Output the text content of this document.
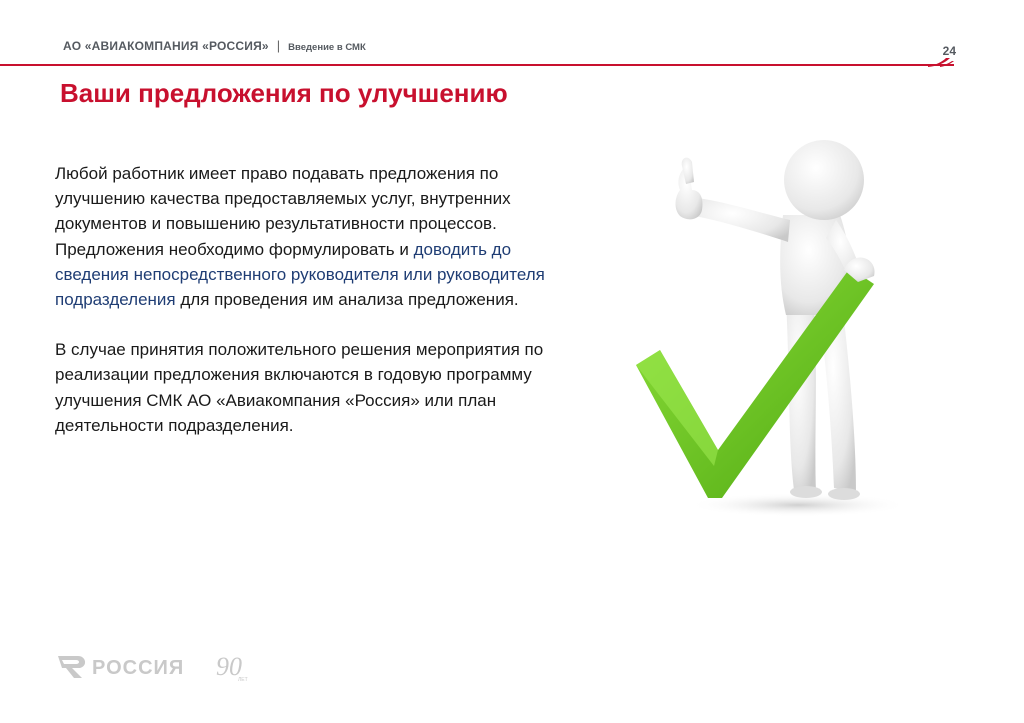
АО «АВИАКОМПАНИЯ «РОССИЯ» | Введение в СМК	24
Ваши предложения по улучшению

Любой работник имеет право подавать предложения по улучшению качества предоставляемых услуг, внутренних документов и повышению результативности процессов. Предложения необходимо формулировать и доводить до сведения непосредственного руководителя или руководителя подразделения для проведения им анализа предложения.

В случае принятия положительного решения мероприятия по реализации предложения включаются в годовую программу улучшения СМК АО «Авиакомпания «Россия» или план деятельности подразделения.

РОССИЯ 90
ЛЕТ
